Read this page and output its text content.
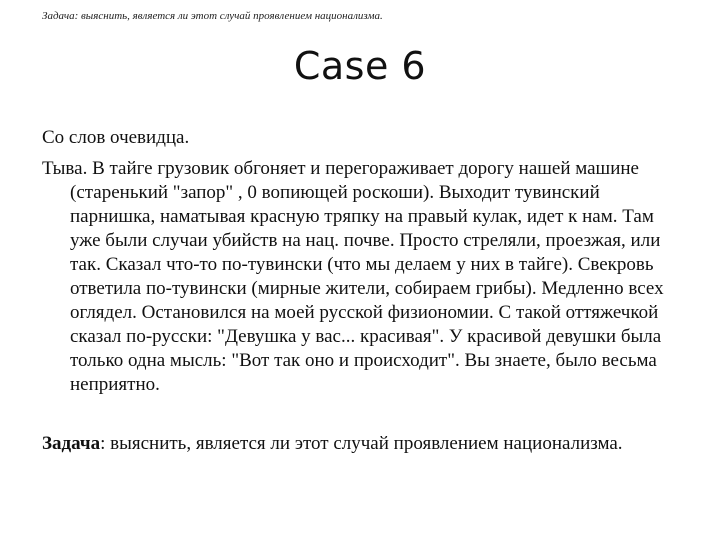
Задача: выяснить, является ли этот случай проявлением национализма.
Case 6

Со слов очевидца.

Тыва. В тайге грузовик обгоняет и перегораживает дорогу нашей машине (старенький "запор" , 0 вопиющей роскоши). Выходит тувинский парнишка, наматывая красную тряпку на правый кулак, идет к нам. Там уже были случаи убийств на нац. почве. Просто стреляли, проезжая, или так. Сказал что-то по-тувински (что мы делаем у них в тайге). Свекровь ответила по-тувински (мирные жители, собираем грибы). Медленно всех оглядел. Остановился на моей русской физиономии. С такой оттяжечкой сказал по-русски: "Девушка у вас... красивая". У красивой девушки была только одна мысль: "Вот так оно и происходит". Вы знаете, было весьма неприятно.

Задача: выяснить, является ли этот случай проявлением национализма.
